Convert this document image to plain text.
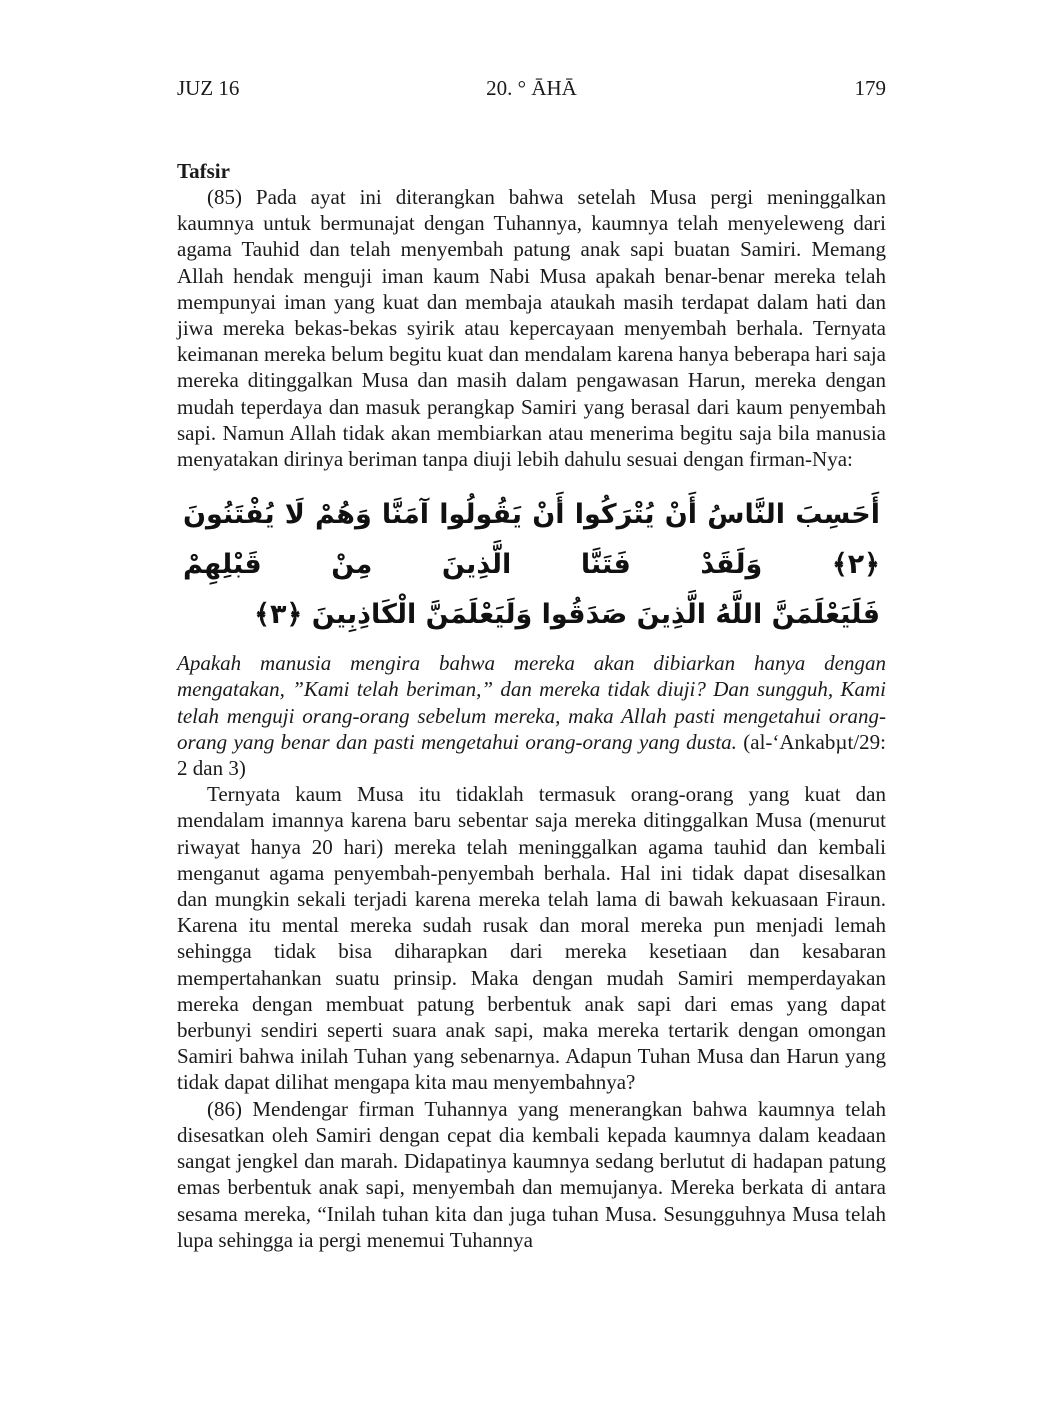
JUZ 16	20. ° ĀHĀ	179
Tafsir

(85) Pada ayat ini diterangkan bahwa setelah Musa pergi meninggalkan kaumnya untuk bermunajat dengan Tuhannya, kaumnya telah menyeleweng dari agama Tauhid dan telah menyembah patung anak sapi buatan Samiri. Memang Allah hendak menguji iman kaum Nabi Musa apakah benar-benar mereka telah mempunyai iman yang kuat dan membaja ataukah masih terdapat dalam hati dan jiwa mereka bekas-bekas syirik atau kepercayaan menyembah berhala. Ternyata keimanan mereka belum begitu kuat dan mendalam karena hanya beberapa hari saja mereka ditinggalkan Musa dan masih dalam pengawasan Harun, mereka dengan mudah teperdaya dan masuk perangkap Samiri yang berasal dari kaum penyembah sapi. Namun Allah tidak akan membiarkan atau menerima begitu saja bila manusia menyatakan dirinya beriman tanpa diuji lebih dahulu sesuai dengan firman-Nya:

أَحَسِبَ النَّاسُ أَنْ يُتْرَكُوا أَنْ يَقُولُوا آمَنَّا وَهُمْ لَا يُفْتَنُونَ ﴿٢﴾ وَلَقَدْ فَتَنَّا الَّذِينَ مِنْ قَبْلِهِمْ
فَلَيَعْلَمَنَّ اللَّهُ الَّذِينَ صَدَقُوا وَلَيَعْلَمَنَّ الْكَاذِبِينَ ﴿٣﴾

Apakah manusia mengira bahwa mereka akan dibiarkan hanya dengan mengatakan, ”Kami telah beriman,” dan mereka tidak diuji? Dan sungguh, Kami telah menguji orang-orang sebelum mereka, maka Allah pasti mengetahui orang-orang yang benar dan pasti mengetahui orang-orang yang dusta. (al-‘Ankabµt/29: 2 dan 3)

Ternyata kaum Musa itu tidaklah termasuk orang-orang yang kuat dan mendalam imannya karena baru sebentar saja mereka ditinggalkan Musa (menurut riwayat hanya 20 hari) mereka telah meninggalkan agama tauhid dan kembali menganut agama penyembah-penyembah berhala. Hal ini tidak dapat disesalkan dan mungkin sekali terjadi karena mereka telah lama di bawah kekuasaan Firaun. Karena itu mental mereka sudah rusak dan moral mereka pun menjadi lemah sehingga tidak bisa diharapkan dari mereka kesetiaan dan kesabaran mempertahankan suatu prinsip. Maka dengan mudah Samiri memperdayakan mereka dengan membuat patung berbentuk anak sapi dari emas yang dapat berbunyi sendiri seperti suara anak sapi, maka mereka tertarik dengan omongan Samiri bahwa inilah Tuhan yang sebenarnya. Adapun Tuhan Musa dan Harun yang tidak dapat dilihat mengapa kita mau menyembahnya?

(86) Mendengar firman Tuhannya yang menerangkan bahwa kaumnya telah disesatkan oleh Samiri dengan cepat dia kembali kepada kaumnya dalam keadaan sangat jengkel dan marah. Didapatinya kaumnya sedang berlutut di hadapan patung emas berbentuk anak sapi, menyembah dan memujanya. Mereka berkata di antara sesama mereka, “Inilah tuhan kita dan juga tuhan Musa. Sesungguhnya Musa telah lupa sehingga ia pergi menemui Tuhannya
